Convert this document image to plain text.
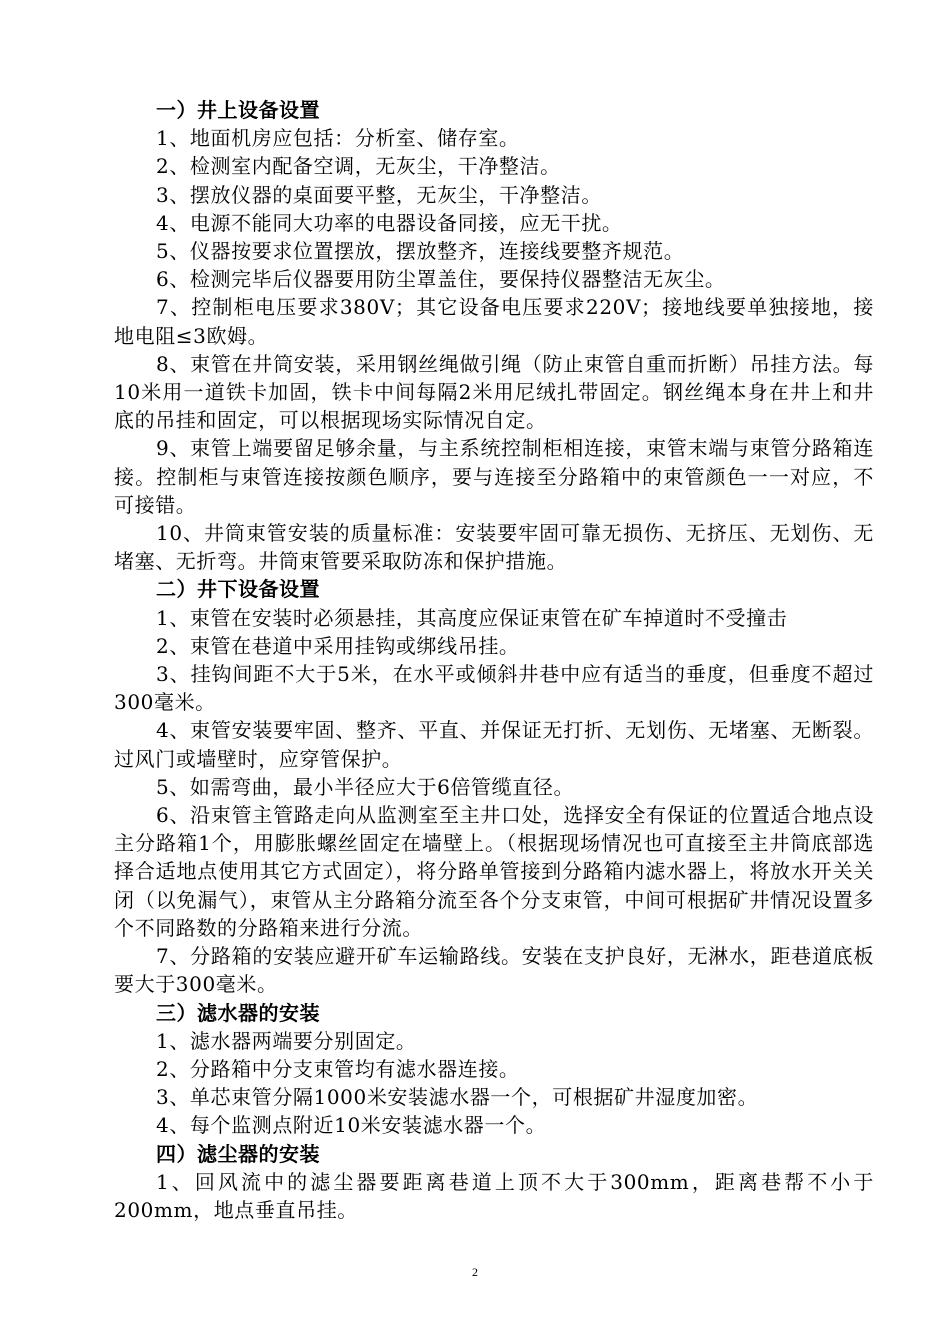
一）井上设备设置

1、地面机房应包括：分析室、储存室。

2、检测室内配备空调，无灰尘，干净整洁。

3、摆放仪器的桌面要平整，无灰尘，干净整洁。

4、电源不能同大功率的电器设备同接，应无干扰。

5、仪器按要求位置摆放，摆放整齐，连接线要整齐规范。

6、检测完毕后仪器要用防尘罩盖住，要保持仪器整洁无灰尘。

7、控制柜电压要求380V；其它设备电压要求220V；接地线要单独接地，接地电阻≤3欧姆。

8、束管在井筒安装，采用钢丝绳做引绳（防止束管自重而折断）吊挂方法。每10米用一道铁卡加固，铁卡中间每隔2米用尼绒扎带固定。钢丝绳本身在井上和井底的吊挂和固定，可以根据现场实际情况自定。

9、束管上端要留足够余量，与主系统控制柜相连接，束管末端与束管分路箱连接。控制柜与束管连接按颜色顺序，要与连接至分路箱中的束管颜色一一对应，不可接错。

10、井筒束管安装的质量标准：安装要牢固可靠无损伤、无挤压、无划伤、无堵塞、无折弯。井筒束管要采取防冻和保护措施。

二）井下设备设置

1、束管在安装时必须悬挂，其高度应保证束管在矿车掉道时不受撞击

2、束管在巷道中采用挂钩或绑线吊挂。

3、挂钩间距不大于5米，在水平或倾斜井巷中应有适当的垂度，但垂度不超过300毫米。

4、束管安装要牢固、整齐、平直、并保证无打折、无划伤、无堵塞、无断裂。过风门或墙壁时，应穿管保护。

5、如需弯曲，最小半径应大于6倍管缆直径。

6、沿束管主管路走向从监测室至主井口处，选择安全有保证的位置适合地点设主分路箱1个，用膨胀螺丝固定在墙壁上。（根据现场情况也可直接至主井筒底部选择合适地点使用其它方式固定），将分路单管接到分路箱内滤水器上，将放水开关关闭（以免漏气），束管从主分路箱分流至各个分支束管，中间可根据矿井情况设置多个不同路数的分路箱来进行分流。

7、分路箱的安装应避开矿车运输路线。安装在支护良好，无淋水，距巷道底板要大于300毫米。

三）滤水器的安装

1、滤水器两端要分别固定。

2、分路箱中分支束管均有滤水器连接。

3、单芯束管分隔1000米安装滤水器一个，可根据矿井湿度加密。

4、每个监测点附近10米安装滤水器一个。

四）滤尘器的安装

1、回风流中的滤尘器要距离巷道上顶不大于300mm，距离巷帮不小于200mm，地点垂直吊挂。

2
